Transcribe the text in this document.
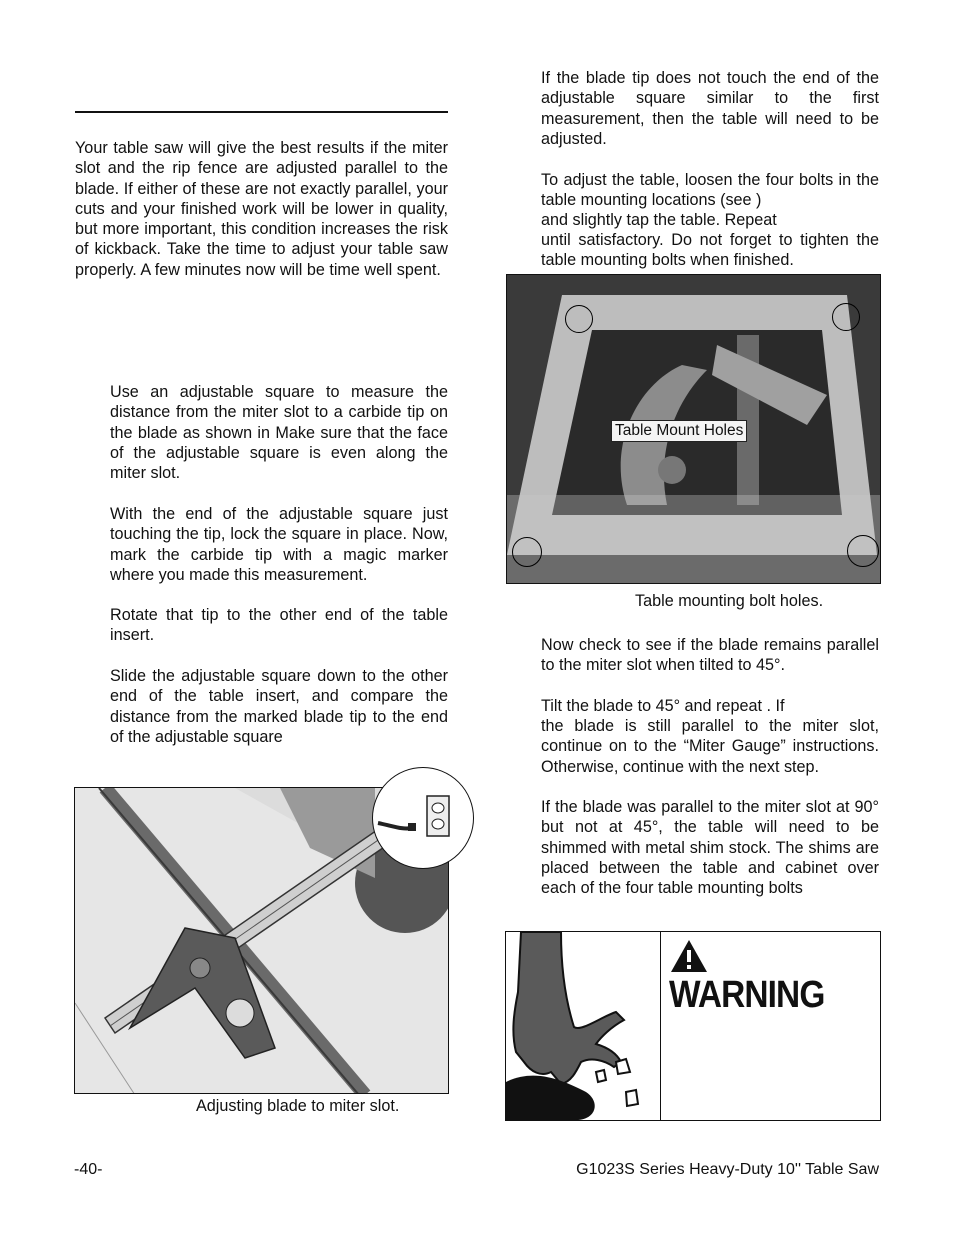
Your table saw will give the best results if the miter slot and the rip fence are adjusted parallel to the blade. If either of these are not exactly parallel, your cuts and your finished work will be lower in quality, but more important, this condition increases the risk of kickback. Take the time to adjust your table saw properly. A few minutes now will be time well spent.

Use an adjustable square to measure the distance from the miter slot to a carbide tip on the blade as shown in Make sure that the face of the adjustable square is even along the miter slot.

With the end of the adjustable square just touching the tip, lock the square in place. Now, mark the carbide tip with a magic marker where you made this measurement.

Rotate that tip to the other end of the table insert.

Slide the adjustable square down to the other end of the table insert, and compare the distance from the marked blade tip to the end of the adjustable square

Adjusting blade to miter slot.

If the blade tip does not touch the end of the adjustable square similar to the first measurement, then the table will need to be adjusted.

To adjust the table, loosen the four bolts in the table mounting locations (see )

and slightly tap the table. Repeat

until satisfactory. Do not forget to tighten the table mounting bolts when finished.

Table Mount Holes
Table mounting bolt holes.

Now check to see if the blade remains parallel to the miter slot when tilted to 45°.

Tilt the blade to 45° and repeat . If

the blade is still parallel to the miter slot, continue on to the “Miter Gauge” instructions. Otherwise, continue with the next step.

If the blade was parallel to the miter slot at 90° but not at 45°, the table will need to be shimmed with metal shim stock. The shims are placed between the table and cabinet over each of the four table mounting bolts

WARNING
-40-	G1023S Series Heavy-Duty 10'' Table Saw
